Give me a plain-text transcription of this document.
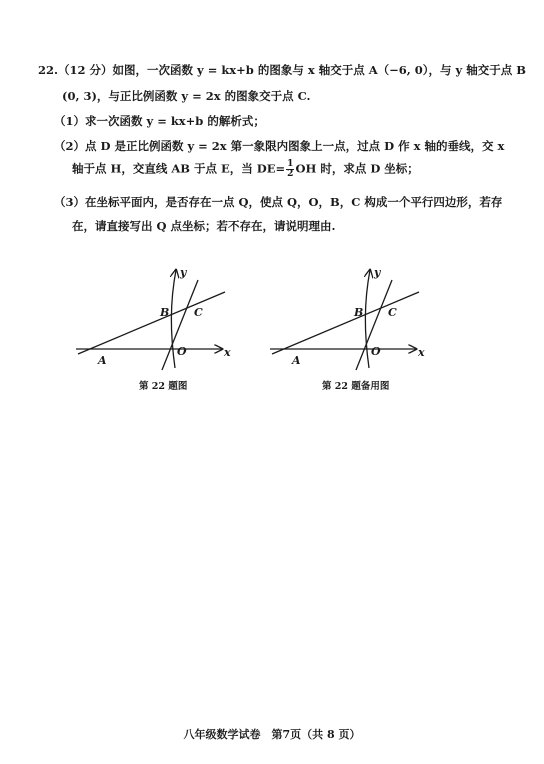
22.（12 分）如图，一次函数 y = kx+b 的图象与 x 轴交于点 A（−6, 0），与 y 轴交于点 B
(0, 3)，与正比例函数 y = 2x 的图象交于点 C.
（1）求一次函数 y = kx+b 的解析式；
（2）点 D 是正比例函数 y = 2x 第一象限内图象上一点，过点 D 作 x 轴的垂线，交 x
轴于点 H，交直线 AB 于点 E，当 $DE= \frac{1}{2}$ OH 时，求点 D 坐标；
（3）在坐标平面内，是否存在一点 Q，使点 Q，O，B，C 构成一个平行四边形，若存
在，请直接写出 Q 点坐标；若不存在，请说明理由.
y
x
B C
A
O
第 22 题图
y
x
B C
A
O
第 22 题备用图
八年级数学试卷　第7页（共 8 页）
